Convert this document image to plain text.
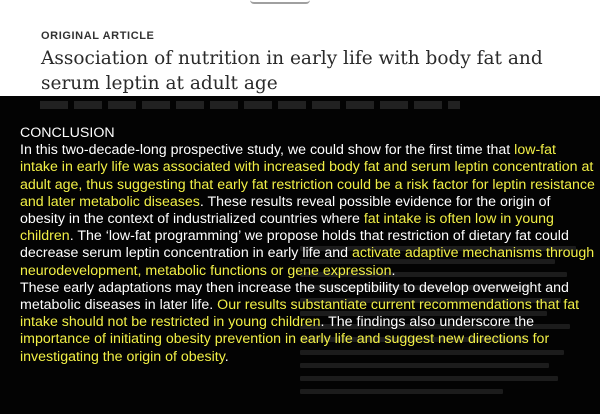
ORIGINAL ARTICLE
Association of nutrition in early life with body fat and serum leptin at adult age
CONCLUSION
In this two-decade-long prospective study, we could show for the first time that low-fat intake in early life was associated with increased body fat and serum leptin concentration at adult age, thus suggesting that early fat restriction could be a risk factor for leptin resistance and later metabolic diseases. These results reveal possible evidence for the origin of obesity in the context of industrialized countries where fat intake is often low in young children. The ‘low-fat programming’ we propose holds that restriction of dietary fat could decrease serum leptin concentration in early life and activate adaptive mechanisms through neurodevelopment, metabolic functions or gene expression.
These early adaptations may then increase the susceptibility to develop overweight and metabolic diseases in later life. Our results substantiate current recommendations that fat intake should not be restricted in young children. The findings also underscore the importance of initiating obesity prevention in early life and suggest new directions for investigating the origin of obesity.
